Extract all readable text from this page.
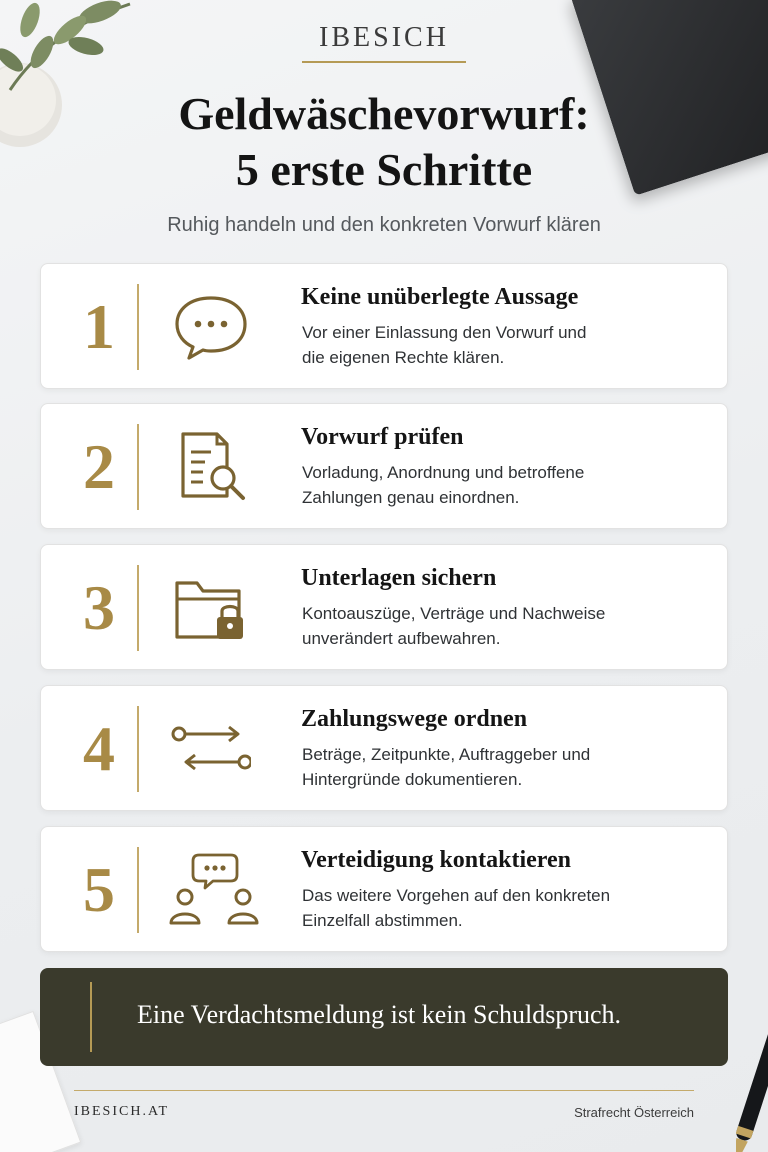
IBESICH
Geldwäschevorwurf:
5 erste Schritte
Ruhig handeln und den konkreten Vorwurf klären
1	Keine unüberlegte Aussage
Vor einer Einlassung den Vorwurf und
die eigenen Rechte klären.
2	Vorwurf prüfen
Vorladung, Anordnung und betroffene
Zahlungen genau einordnen.
3	Unterlagen sichern
Kontoauszüge, Verträge und Nachweise
unverändert aufbewahren.
4	Zahlungswege ordnen
Beträge, Zeitpunkte, Auftraggeber und
Hintergründe dokumentieren.
5	Verteidigung kontaktieren
Das weitere Vorgehen auf den konkreten
Einzelfall abstimmen.
Eine Verdachtsmeldung ist kein Schuldspruch.
IBESICH.AT	Strafrecht Österreich
